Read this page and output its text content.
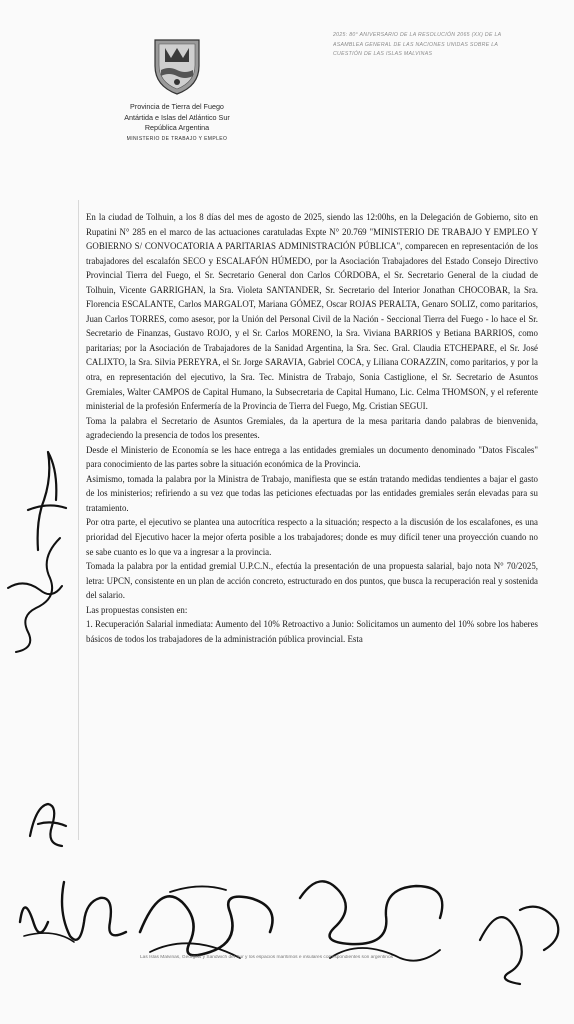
Provincia de Tierra del Fuego
Antártida e Islas del Atlántico Sur
República Argentina
MINISTERIO DE TRABAJO Y EMPLEO
2025: 80° ANIVERSARIO DE LA RESOLUCIÓN 2065 (XX) DE LA
ASAMBLEA GENERAL DE LAS NACIONES UNIDAS SOBRE LA
CUESTIÓN DE LAS ISLAS MALVINAS

En la ciudad de Tolhuin, a los 8 días del mes de agosto de 2025, siendo las 12:00hs, en la Delegación de Gobierno, sito en Rupatini N° 285 en el marco de las actuaciones caratuladas Expte N° 20.769 "MINISTERIO DE TRABAJO Y EMPLEO Y GOBIERNO S/ CONVOCATORIA A PARITARIAS ADMINISTRACIÓN PÚBLICA", comparecen en representación de los trabajadores del escalafón SECO y ESCALAFÓN HÚMEDO, por la Asociación Trabajadores del Estado Consejo Directivo Provincial Tierra del Fuego, el Sr. Secretario General don Carlos CÓRDOBA, el Sr. Secretario General de la ciudad de Tolhuin, Vicente GARRIGHAN, la Sra. Violeta SANTANDER, Sr. Secretario del Interior Jonathan CHOCOBAR, la Sra. Florencia ESCALANTE, Carlos MARGALOT, Mariana GÓMEZ, Oscar ROJAS PERALTA, Genaro SOLIZ, como paritarios, Juan Carlos TORRES, como asesor, por la Unión del Personal Civil de la Nación - Seccional Tierra del Fuego - lo hace el Sr. Secretario de Finanzas, Gustavo ROJO, y el Sr. Carlos MORENO, la Sra. Viviana BARRIOS y Betiana BARRIOS, como paritarias; por la Asociación de Trabajadores de la Sanidad Argentina, la Sra. Sec. Gral. Claudia ETCHEPARE, el Sr. José CALIXTO, la Sra. Silvia PEREYRA, el Sr. Jorge SARAVIA, Gabriel COCA, y Liliana CORAZZIN, como paritarios, y por la otra, en representación del ejecutivo, la Sra. Tec. Ministra de Trabajo, Sonia Castiglione, el Sr. Secretario de Asuntos Gremiales, Walter CAMPOS de Capital Humano, la Subsecretaria de Capital Humano, Lic. Celma THOMSON, y el referente ministerial de la profesión Enfermería de la Provincia de Tierra del Fuego, Mg. Cristian SEGUI.

Toma la palabra el Secretario de Asuntos Gremiales, da la apertura de la mesa paritaria dando palabras de bienvenida, agradeciendo la presencia de todos los presentes.

Desde el Ministerio de Economía se les hace entrega a las entidades gremiales un documento denominado "Datos Fiscales" para conocimiento de las partes sobre la situación económica de la Provincia.

Asimismo, tomada la palabra por la Ministra de Trabajo, manifiesta que se están tratando medidas tendientes a bajar el gasto de los ministerios; refiriendo a su vez que todas las peticiones efectuadas por las entidades gremiales serán elevadas para su tratamiento.

Por otra parte, el ejecutivo se plantea una autocrítica respecto a la situación; respecto a la discusión de los escalafones, es una prioridad del Ejecutivo hacer la mejor oferta posible a los trabajadores; donde es muy difícil tener una proyección cuando no se sabe cuanto es lo que va a ingresar a la provincia.

Tomada la palabra por la entidad gremial U.P.C.N., efectúa la presentación de una propuesta salarial, bajo nota N° 70/2025, letra: UPCN, consistente en un plan de acción concreto, estructurado en dos puntos, que busca la recuperación real y sostenida del salario.

Las propuestas consisten en:

1. Recuperación Salarial inmediata: Aumento del 10% Retroactivo a Junio: Solicitamos un aumento del 10% sobre los haberes básicos de todos los trabajadores de la administración pública provincial. Esta

Las Islas Malvinas, Georgias y Sandwich del Sur y los espacios marítimos e insulares correspondientes son argentinos
